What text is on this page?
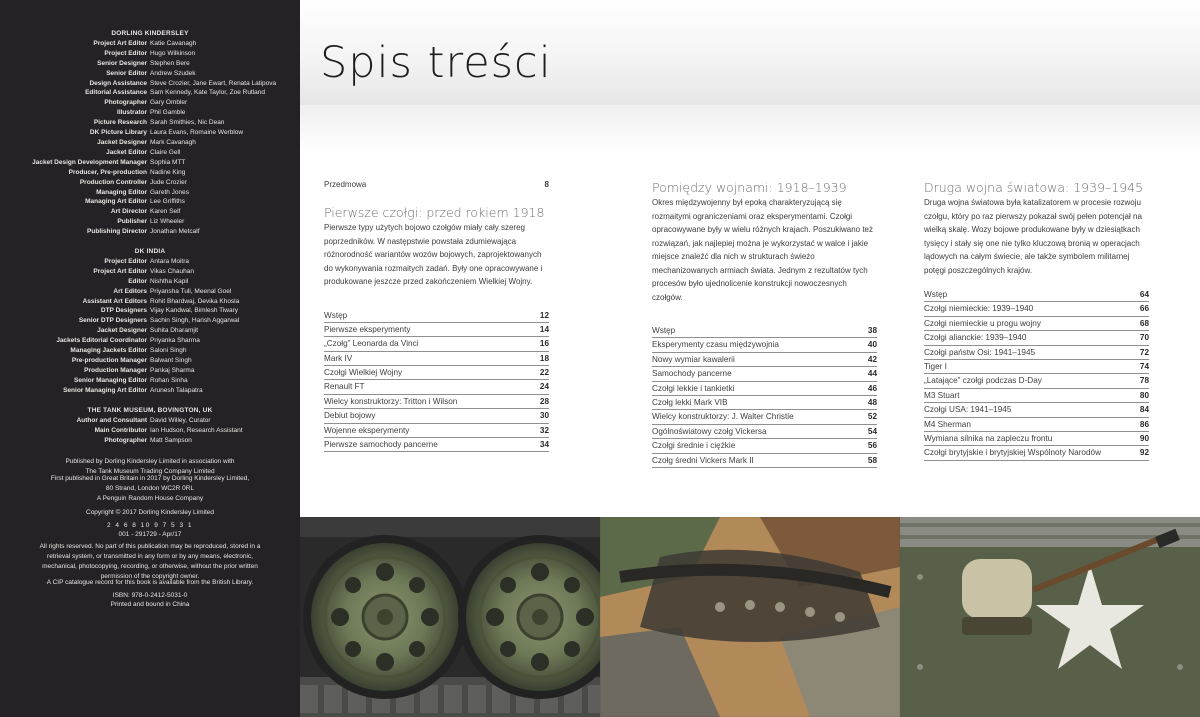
DORLING KINDERSLEY
Project Art Editor Katie Cavanagh
Project Editor Hugo Wilkinson
Senior Designer Stephen Bere
Senior Editor Andrew Szudek
Design Assistance Steve Crozier, Jane Ewart, Renata Latipova
Editorial Assistance Sam Kennedy, Kate Taylor, Zoe Rutland
Photographer Gary Ombler
Illustrator Phil Gamble
Picture Research Sarah Smithies, Nic Dean
DK Picture Library Laura Evans, Romaine Werblow
Jacket Designer Mark Cavanagh
Jacket Editor Claire Gell
Jacket Design Development Manager Sophia MTT
Producer, Pre-production Nadine King
Production Controller Jude Crozier
Managing Editor Gareth Jones
Managing Art Editor Lee Griffiths
Art Director Karen Self
Publisher Liz Wheeler
Publishing Director Jonathan Metcalf
DK INDIA
Project Editor Antara Moitra
Project Art Editor Vikas Chauhan
Editor Nishtha Kapil
Art Editors Priyansha Tuli, Meenal Goel
Assistant Art Editors Rohit Bhardwaj, Devika Khosla
DTP Designers Vijay Kandwal, Bimlesh Tiwary
Senior DTP Designers Sachin Singh, Harish Aggarwal
Jacket Designer Suhita Dharamjit
Jackets Editorial Coordinator Priyanka Sharma
Managing Jackets Editor Saloni Singh
Pre-production Manager Balwant Singh
Production Manager Pankaj Sharma
Senior Managing Editor Rohan Sinha
Senior Managing Art Editor Arunesh Talapatra
THE TANK MUSEUM, BOVINGTON, UK
Author and Consultant David Willey, Curator
Main Contributor Ian Hudson, Research Assistant
Photographer Matt Sampson
Published by Dorling Kindersley Limited in association with
The Tank Museum Trading Company Limited
First published in Great Britain in 2017 by Dorling Kindersley Limited,
80 Strand, London WC2R 0RL
A Penguin Random House Company
Copyright © 2017 Dorling Kindersley Limited
2 4 6 8 10 9 7 5 3 1
001 - 291729 - Apr/17
All rights reserved. No part of this publication may be reproduced, stored in a
retrieval system, or transmitted in any form or by any means, electronic,
mechanical, photocopying, recording, or otherwise, without the prior written
permission of the copyright owner.
A CIP catalogue record for this book is available from the British Library.
ISBN: 978-0-2412-5031-0
Printed and bound in China
Spis treści
Przedmowa	8
Pierwsze czołgi: przed rokiem 1918

Pierwsze typy użytych bojowo czołgów miały cały szereg poprzedników. W następstwie powstała zdumiewająca różnorodność wariantów wozów bojowych, zaprojektowanych do wykonywania rozmaitych zadań. Były one opracowywane i produkowane jeszcze przed zakończeniem Wielkiej Wojny.

Wstęp	12
Pierwsze eksperymenty	14
„Czołg” Leonarda da Vinci	16
Mark IV	18
Czołgi Wielkiej Wojny	22
Renault FT	24
Wielcy konstruktorzy: Tritton i Wilson	28
Debiut bojowy	30
Wojenne eksperymenty	32
Pierwsze samochody pancerne	34
Pomiędzy wojnami: 1918–1939

Okres międzywojenny był epoką charakteryzującą się rozmaitymi ograniczeniami oraz eksperymentami. Czołgi opracowywane były w wielu różnych krajach. Poszukiwano też rozwiązań, jak najlepiej można je wykorzystać w walce i jakie miejsce znaleźć dla nich w strukturach świeżo mechanizowanych armiach świata. Jednym z rezultatów tych procesów było ujednolicenie konstrukcji nowoczesnych czołgów.

Wstęp	38
Eksperymenty czasu międzywojnia	40
Nowy wymiar kawalerii	42
Samochody pancerne	44
Czołgi lekkie i tankietki	46
Czołg lekki Mark VIB	48
Wielcy konstruktorzy: J. Walter Christie	52
Ogólnoświatowy czołg Vickersa	54
Czołgi średnie i ciężkie	56
Czołg średni Vickers Mark II	58
Druga wojna światowa: 1939–1945

Druga wojna światowa była katalizatorem w procesie rozwoju czołgu, który po raz pierwszy pokazał swój pełen potencjał na wielką skalę. Wozy bojowe produkowane były w dziesiątkach tysięcy i stały się one nie tylko kluczową bronią w operacjach lądowych na całym świecie, ale także symbolem militarnej potęgi poszczególnych krajów.

Wstęp	64
Czołgi niemieckie: 1939–1940	66
Czołgi niemieckie u progu wojny	68
Czołgi alianckie: 1939–1940	70
Czołgi państw Osi: 1941–1945	72
Tiger I	74
„Latające” czołgi podczas D-Day	78
M3 Stuart	80
Czołgi USA: 1941–1945	84
M4 Sherman	86
Wymiana silnika na zapleczu frontu	90
Czołgi brytyjskie i brytyjskiej Wspólnoty Narodów	92
